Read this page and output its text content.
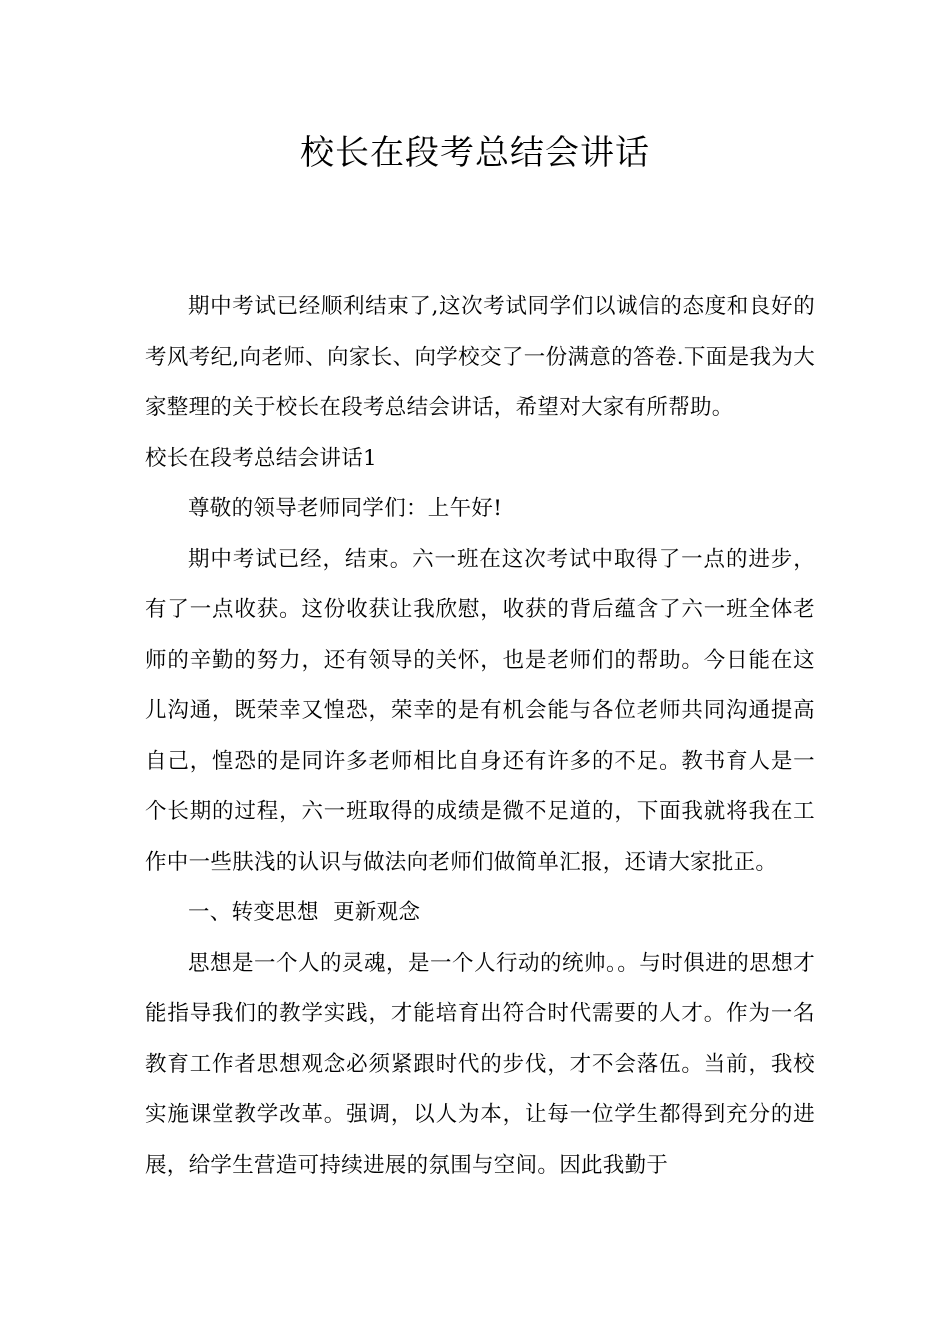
校长在段考总结会讲话

期中考试已经顺利结束了,这次考试同学们以诚信的态度和良好的考风考纪,向老师、向家长、向学校交了一份满意的答卷.下面是我为大家整理的关于校长在段考总结会讲话，希望对大家有所帮助。

校长在段考总结会讲话1

尊敬的领导老师同学们：上午好!

期中考试已经，结束。六一班在这次考试中取得了一点的进步，有了一点收获。这份收获让我欣慰，收获的背后蕴含了六一班全体老师的辛勤的努力，还有领导的关怀，也是老师们的帮助。今日能在这儿沟通，既荣幸又惶恐，荣幸的是有机会能与各位老师共同沟通提高自己，惶恐的是同许多老师相比自身还有许多的不足。教书育人是一个长期的过程，六一班取得的成绩是微不足道的，下面我就将我在工作中一些肤浅的认识与做法向老师们做简单汇报，还请大家批正。

一、转变思想  更新观念

思想是一个人的灵魂，是一个人行动的统帅。。与时俱进的思想才能指导我们的教学实践，才能培育出符合时代需要的人才。作为一名教育工作者思想观念必须紧跟时代的步伐，才不会落伍。当前，我校实施课堂教学改革。强调，以人为本，让每一位学生都得到充分的进展，给学生营造可持续进展的氛围与空间。因此我勤于
